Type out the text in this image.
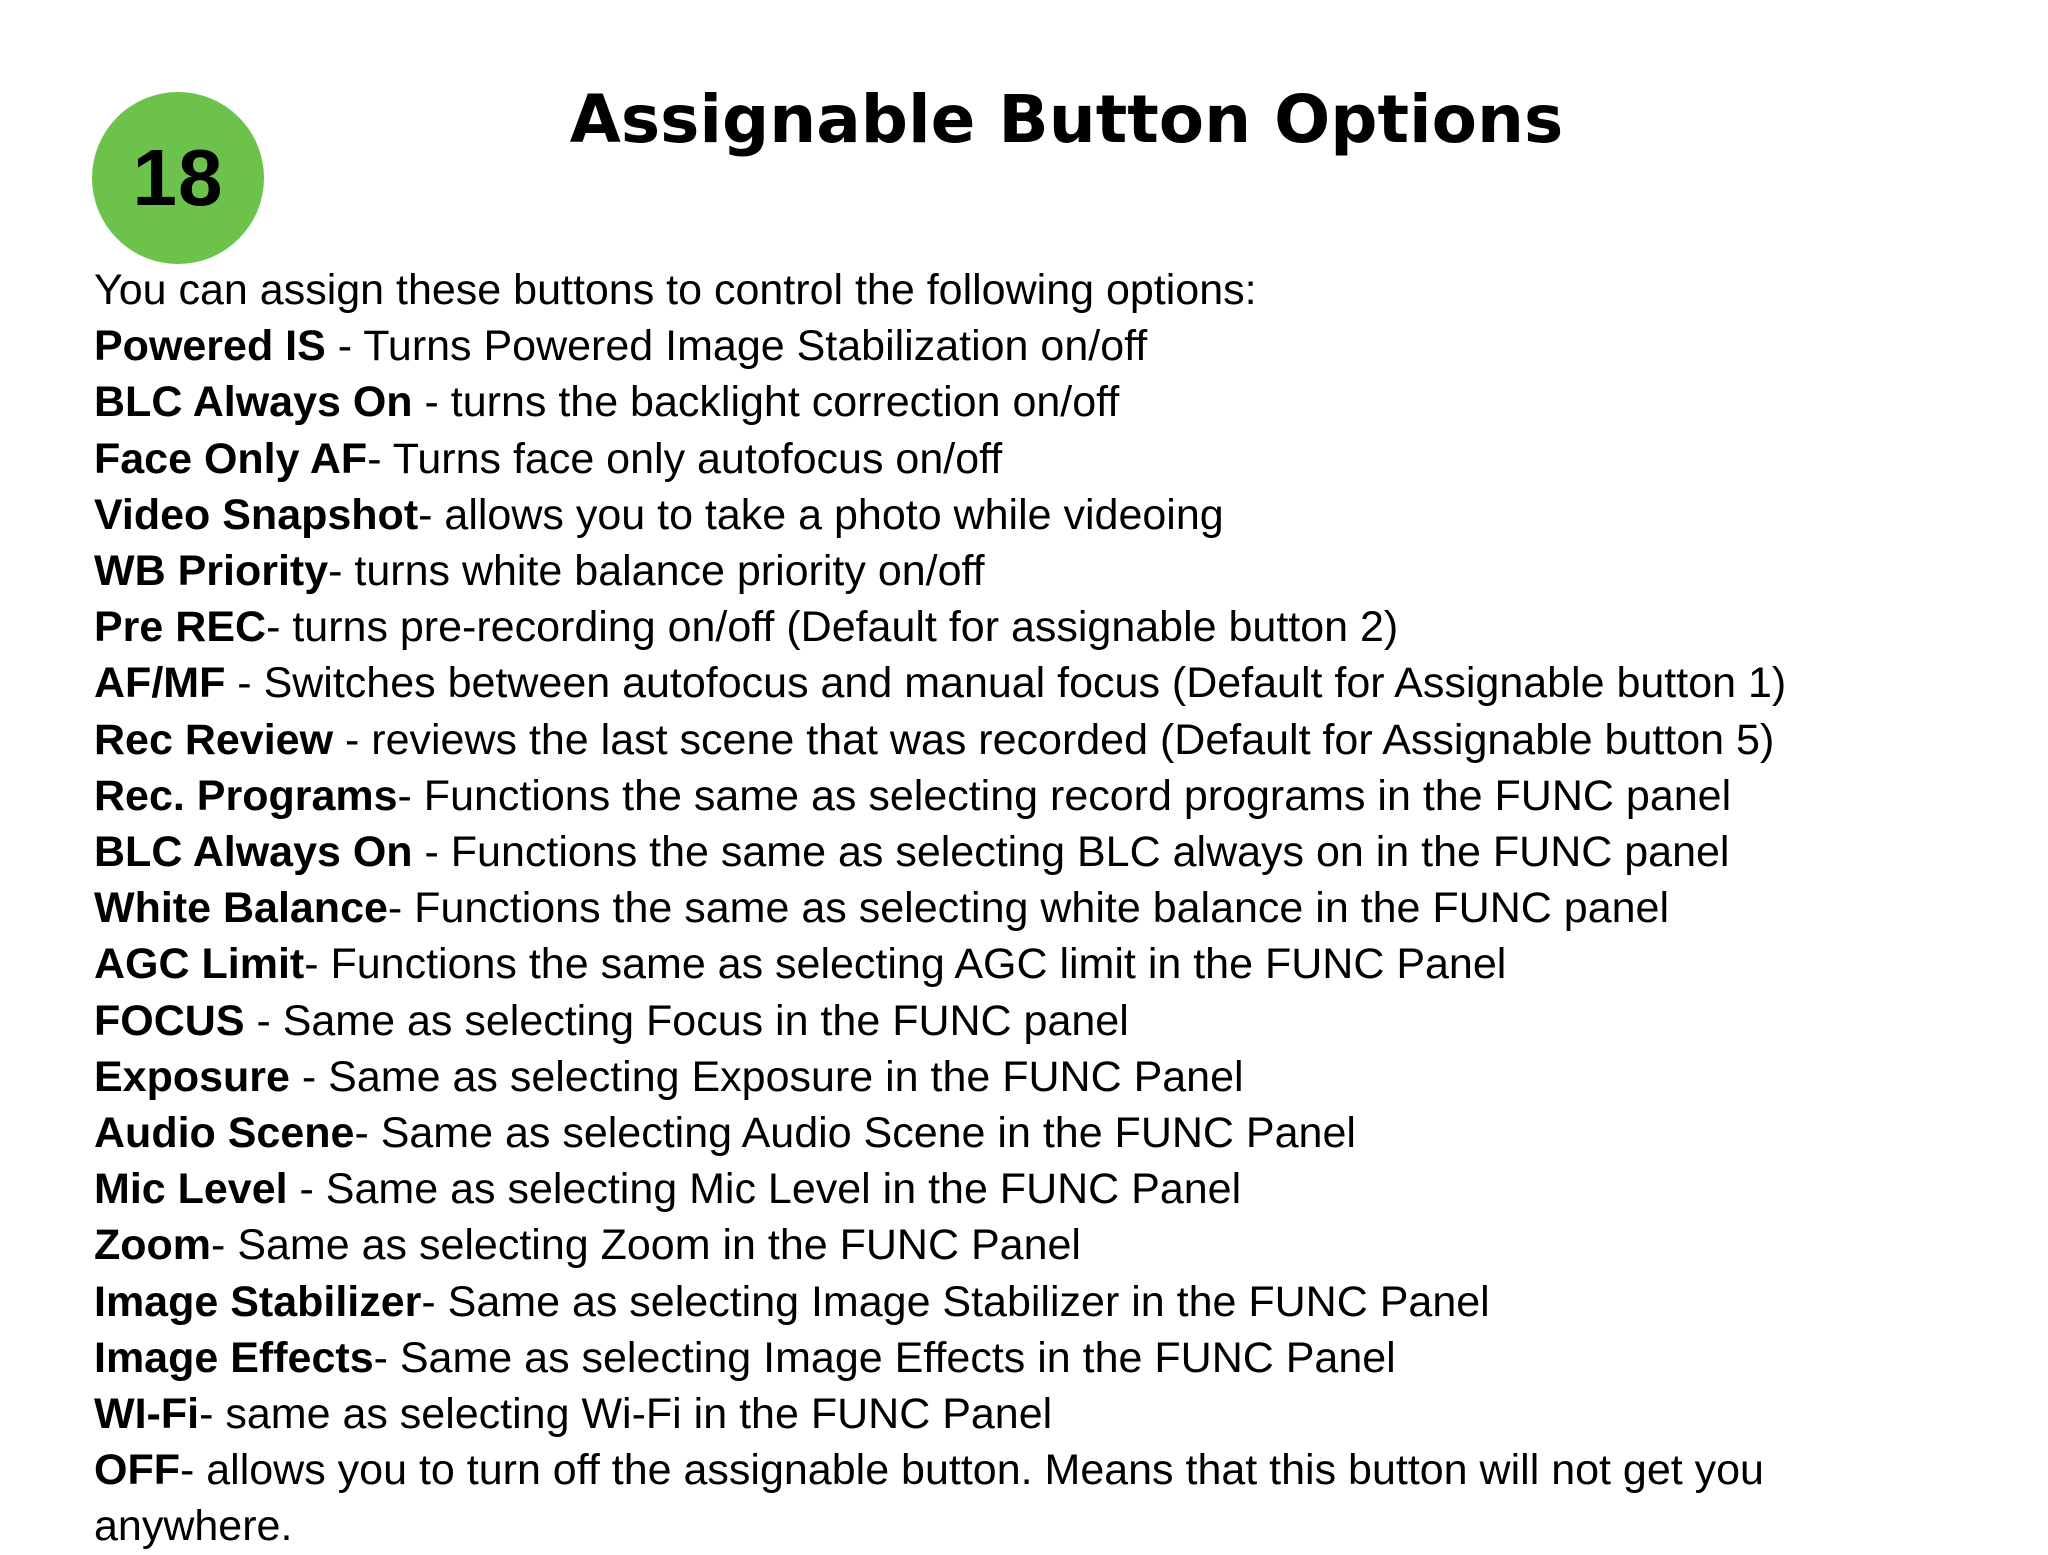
18
Assignable Button Options
You can assign these buttons to control the following options:
Powered IS - Turns Powered Image Stabilization on/off
BLC Always On - turns the backlight correction on/off
Face Only AF- Turns face only autofocus on/off
Video Snapshot- allows you to take a photo while videoing
WB Priority- turns white balance priority on/off
Pre REC- turns pre-recording on/off (Default for assignable button 2)
AF/MF - Switches between autofocus and manual focus (Default for Assignable button 1)
Rec Review - reviews the last scene that was recorded (Default for Assignable button 5)
Rec. Programs- Functions the same as selecting record programs in the FUNC panel
BLC Always On - Functions the same as selecting BLC always on in the FUNC panel
White Balance- Functions the same as selecting white balance in the FUNC panel
AGC Limit- Functions the same as selecting AGC limit in the FUNC Panel
FOCUS - Same as selecting Focus in the FUNC panel
Exposure - Same as selecting Exposure in the FUNC Panel
Audio Scene- Same as selecting Audio Scene in the FUNC Panel
Mic Level - Same as selecting Mic Level in the FUNC Panel
Zoom- Same as selecting Zoom in the FUNC Panel
Image Stabilizer- Same as selecting Image Stabilizer in the FUNC Panel
Image Effects- Same as selecting Image Effects in the FUNC Panel
WI-Fi- same as selecting Wi-Fi in the FUNC Panel
OFF- allows you to turn off the assignable button. Means that this button will not get you anywhere.
